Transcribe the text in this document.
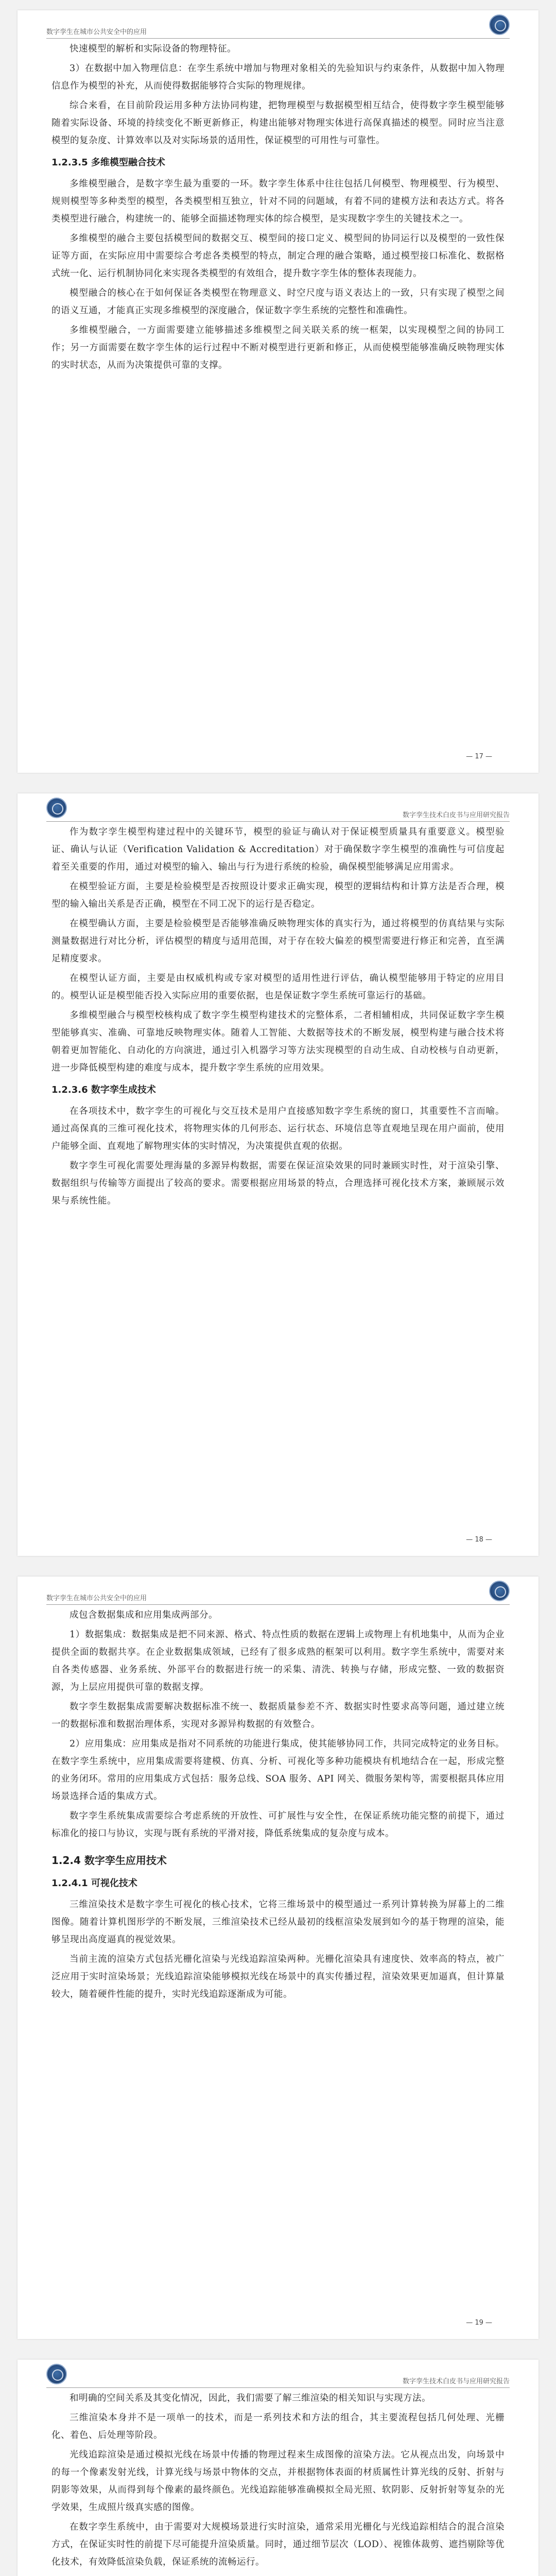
数字孪生在城市公共安全中的应用

快速模型的解析和实际设备的物理特征。

3）在数据中加入物理信息：在孪生系统中增加与物理对象相关的先验知识与约束条件，从数据中加入物理信息作为模型的补充，从而使得数据能够符合实际的物理规律。

综合来看，在目前阶段运用多种方法协同构建，把物理模型与数据模型相互结合，使得数字孪生模型能够随着实际设备、环境的持续变化不断更新修正，构建出能够对物理实体进行高保真描述的模型。同时应当注意模型的复杂度、计算效率以及对实际场景的适用性，保证模型的可用性与可靠性。

1.2.3.5 多维模型融合技术

多维模型融合，是数字孪生最为重要的一环。数字孪生体系中往往包括几何模型、物理模型、行为模型、规则模型等多种类型的模型，各类模型相互独立，针对不同的问题域，有着不同的建模方法和表达方式。将各类模型进行融合，构建统一的、能够全面描述物理实体的综合模型，是实现数字孪生的关键技术之一。

多维模型的融合主要包括模型间的数据交互、模型间的接口定义、模型间的协同运行以及模型的一致性保证等方面，在实际应用中需要综合考虑各类模型的特点，制定合理的融合策略，通过模型接口标准化、数据格式统一化、运行机制协同化来实现各类模型的有效组合，提升数字孪生体的整体表现能力。

模型融合的核心在于如何保证各类模型在物理意义、时空尺度与语义表达上的一致，只有实现了模型之间的语义互通，才能真正实现多维模型的深度融合，保证数字孪生系统的完整性和准确性。

多维模型融合，一方面需要建立能够描述多维模型之间关联关系的统一框架，以实现模型之间的协同工作；另一方面需要在数字孪生体的运行过程中不断对模型进行更新和修正，从而使模型能够准确反映物理实体的实时状态，从而为决策提供可靠的支撑。

— 17 —
数字孪生技术白皮书与应用研究报告

作为数字孪生模型构建过程中的关键环节，模型的验证与确认对于保证模型质量具有重要意义。模型验证、确认与认证（Verification Validation & Accreditation）对于确保数字孪生模型的准确性与可信度起着至关重要的作用，通过对模型的输入、输出与行为进行系统的检验，确保模型能够满足应用需求。

在模型验证方面，主要是检验模型是否按照设计要求正确实现，模型的逻辑结构和计算方法是否合理，模型的输入输出关系是否正确，模型在不同工况下的运行是否稳定。

在模型确认方面，主要是检验模型是否能够准确反映物理实体的真实行为，通过将模型的仿真结果与实际测量数据进行对比分析，评估模型的精度与适用范围，对于存在较大偏差的模型需要进行修正和完善，直至满足精度要求。

在模型认证方面，主要是由权威机构或专家对模型的适用性进行评估，确认模型能够用于特定的应用目的。模型认证是模型能否投入实际应用的重要依据，也是保证数字孪生系统可靠运行的基础。

多维模型融合与模型校核构成了数字孪生模型构建技术的完整体系，二者相辅相成，共同保证数字孪生模型能够真实、准确、可靠地反映物理实体。随着人工智能、大数据等技术的不断发展，模型构建与融合技术将朝着更加智能化、自动化的方向演进，通过引入机器学习等方法实现模型的自动生成、自动校核与自动更新，进一步降低模型构建的难度与成本，提升数字孪生系统的应用效果。

1.2.3.6 数字孪生成技术

在各项技术中，数字孪生的可视化与交互技术是用户直接感知数字孪生系统的窗口，其重要性不言而喻。通过高保真的三维可视化技术，将物理实体的几何形态、运行状态、环境信息等直观地呈现在用户面前，使用户能够全面、直观地了解物理实体的实时情况，为决策提供直观的依据。

数字孪生可视化需要处理海量的多源异构数据，需要在保证渲染效果的同时兼顾实时性，对于渲染引擎、数据组织与传输等方面提出了较高的要求。需要根据应用场景的特点，合理选择可视化技术方案，兼顾展示效果与系统性能。

— 18 —
数字孪生在城市公共安全中的应用

成包含数据集成和应用集成两部分。

1）数据集成：数据集成是把不同来源、格式、特点性质的数据在逻辑上或物理上有机地集中，从而为企业提供全面的数据共享。在企业数据集成领域，已经有了很多成熟的框架可以利用。数字孪生系统中，需要对来自各类传感器、业务系统、外部平台的数据进行统一的采集、清洗、转换与存储，形成完整、一致的数据资源，为上层应用提供可靠的数据支撑。

数字孪生数据集成需要解决数据标准不统一、数据质量参差不齐、数据实时性要求高等问题，通过建立统一的数据标准和数据治理体系，实现对多源异构数据的有效整合。

2）应用集成：应用集成是指对不同系统的功能进行集成，使其能够协同工作，共同完成特定的业务目标。在数字孪生系统中，应用集成需要将建模、仿真、分析、可视化等多种功能模块有机地结合在一起，形成完整的业务闭环。常用的应用集成方式包括：服务总线、SOA 服务、API 网关、微服务架构等，需要根据具体应用场景选择合适的集成方式。

数字孪生系统集成需要综合考虑系统的开放性、可扩展性与安全性，在保证系统功能完整的前提下，通过标准化的接口与协议，实现与既有系统的平滑对接，降低系统集成的复杂度与成本。

1.2.4 数字孪生应用技术
1.2.4.1 可视化技术

三维渲染技术是数字孪生可视化的核心技术，它将三维场景中的模型通过一系列计算转换为屏幕上的二维图像。随着计算机图形学的不断发展，三维渲染技术已经从最初的线框渲染发展到如今的基于物理的渲染，能够呈现出高度逼真的视觉效果。

当前主流的渲染方式包括光栅化渲染与光线追踪渲染两种。光栅化渲染具有速度快、效率高的特点，被广泛应用于实时渲染场景；光线追踪渲染能够模拟光线在场景中的真实传播过程，渲染效果更加逼真，但计算量较大，随着硬件性能的提升，实时光线追踪逐渐成为可能。

— 19 —
数字孪生技术白皮书与应用研究报告

和明确的空间关系及其变化情况，因此，我们需要了解三维渲染的相关知识与实现方法。

三维渲染本身并不是一项单一的技术，而是一系列技术和方法的组合，其主要流程包括几何处理、光栅化、着色、后处理等阶段。

光线追踪渲染是通过模拟光线在场景中传播的物理过程来生成图像的渲染方法。它从视点出发，向场景中的每一个像素发射光线，计算光线与场景中物体的交点，并根据物体表面的材质属性计算光线的反射、折射与阴影等效果，从而得到每个像素的最终颜色。光线追踪能够准确模拟全局光照、软阴影、反射折射等复杂的光学效果，生成照片级真实感的图像。

在数字孪生系统中，由于需要对大规模场景进行实时渲染，通常采用光栅化与光线追踪相结合的混合渲染方式，在保证实时性的前提下尽可能提升渲染质量。同时，通过细节层次（LOD）、视锥体裁剪、遮挡剔除等优化技术，有效降低渲染负载，保证系统的流畅运行。
